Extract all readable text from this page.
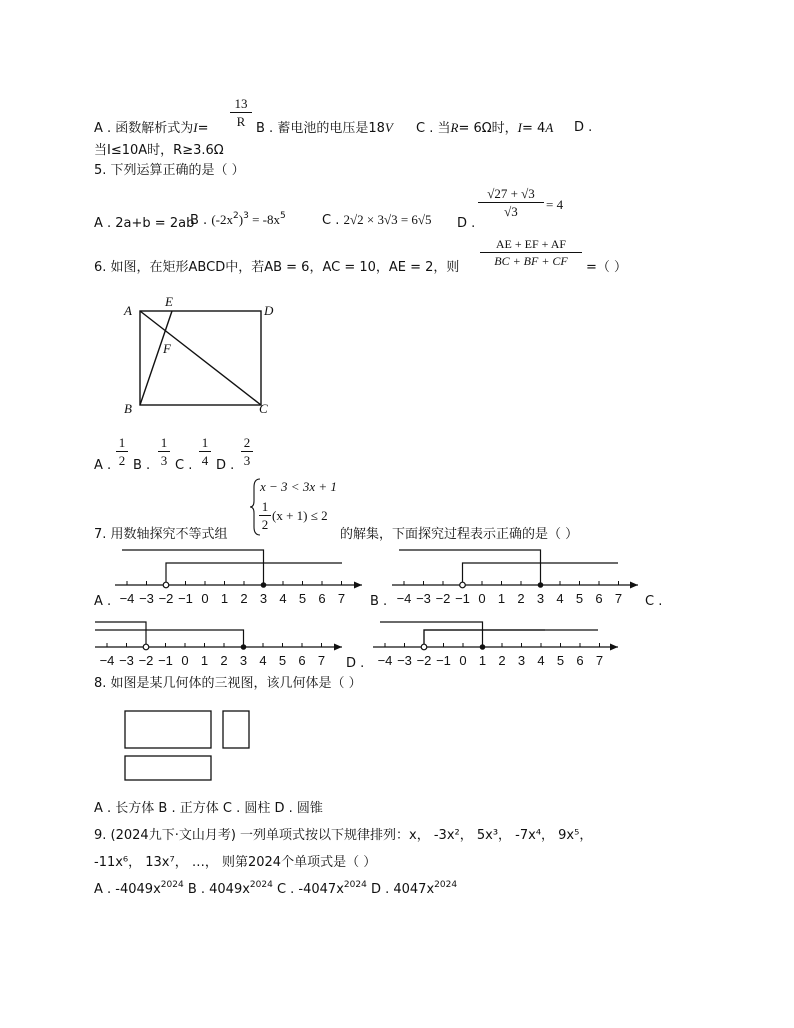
13
R
A . 函数解析式为I=	B . 蓄电池的电压是18V C . 当R= 6Ω时，I= 4A D .
当I≤10A时，R≥3.6Ω
5. 下列运算正确的是（ ）
A . 2a+b = 2ab
B . $(-2x^2)^3 = -8x^5$	C . 2√2 × 3√3 = 6√5 D .
√27 + √3
√3	= 4
6. 如图，在矩形ABCD中，若AB = 6，AC = 10，AE = 2，则
AE + EF + AF
BC + BF + CF	=（ ）
A
E
D
F
B	C
A .
1
2 B .
1
3 C .
1
4 D .
2
3
x − 3 < 3x + 1
1
2
(x + 1) ≤ 2
7. 用数轴探究不等式组	的解集，下面探究过程表示正确的是（ ）
A .	B .	C .
D .
−4 −3 −2 −1 0 1 2 3 4 5 6 7	−4 −3 −2 −1 0 1 2 3 4 5 6 7
−4 −3 −2 −1 0 1 2 3 4 5 6 7	−4 −3 −2 −1 0 1 2 3 4 5 6 7
8. 如图是某几何体的三视图，该几何体是（ ）
A . 长方体 B . 正方体 C . 圆柱 D . 圆锥
9. (2024九下·文山月考) 一列单项式按以下规律排列：x， -3x²， 5x³， -7x⁴， 9x⁵，
-11x⁶， 13x⁷， …， 则第2024个单项式是（ ）
A . $-4049x^{2024}$ B . $4049x^{2024}$ C . $-4047x^{2024}$ D . $4047x^{2024}$
